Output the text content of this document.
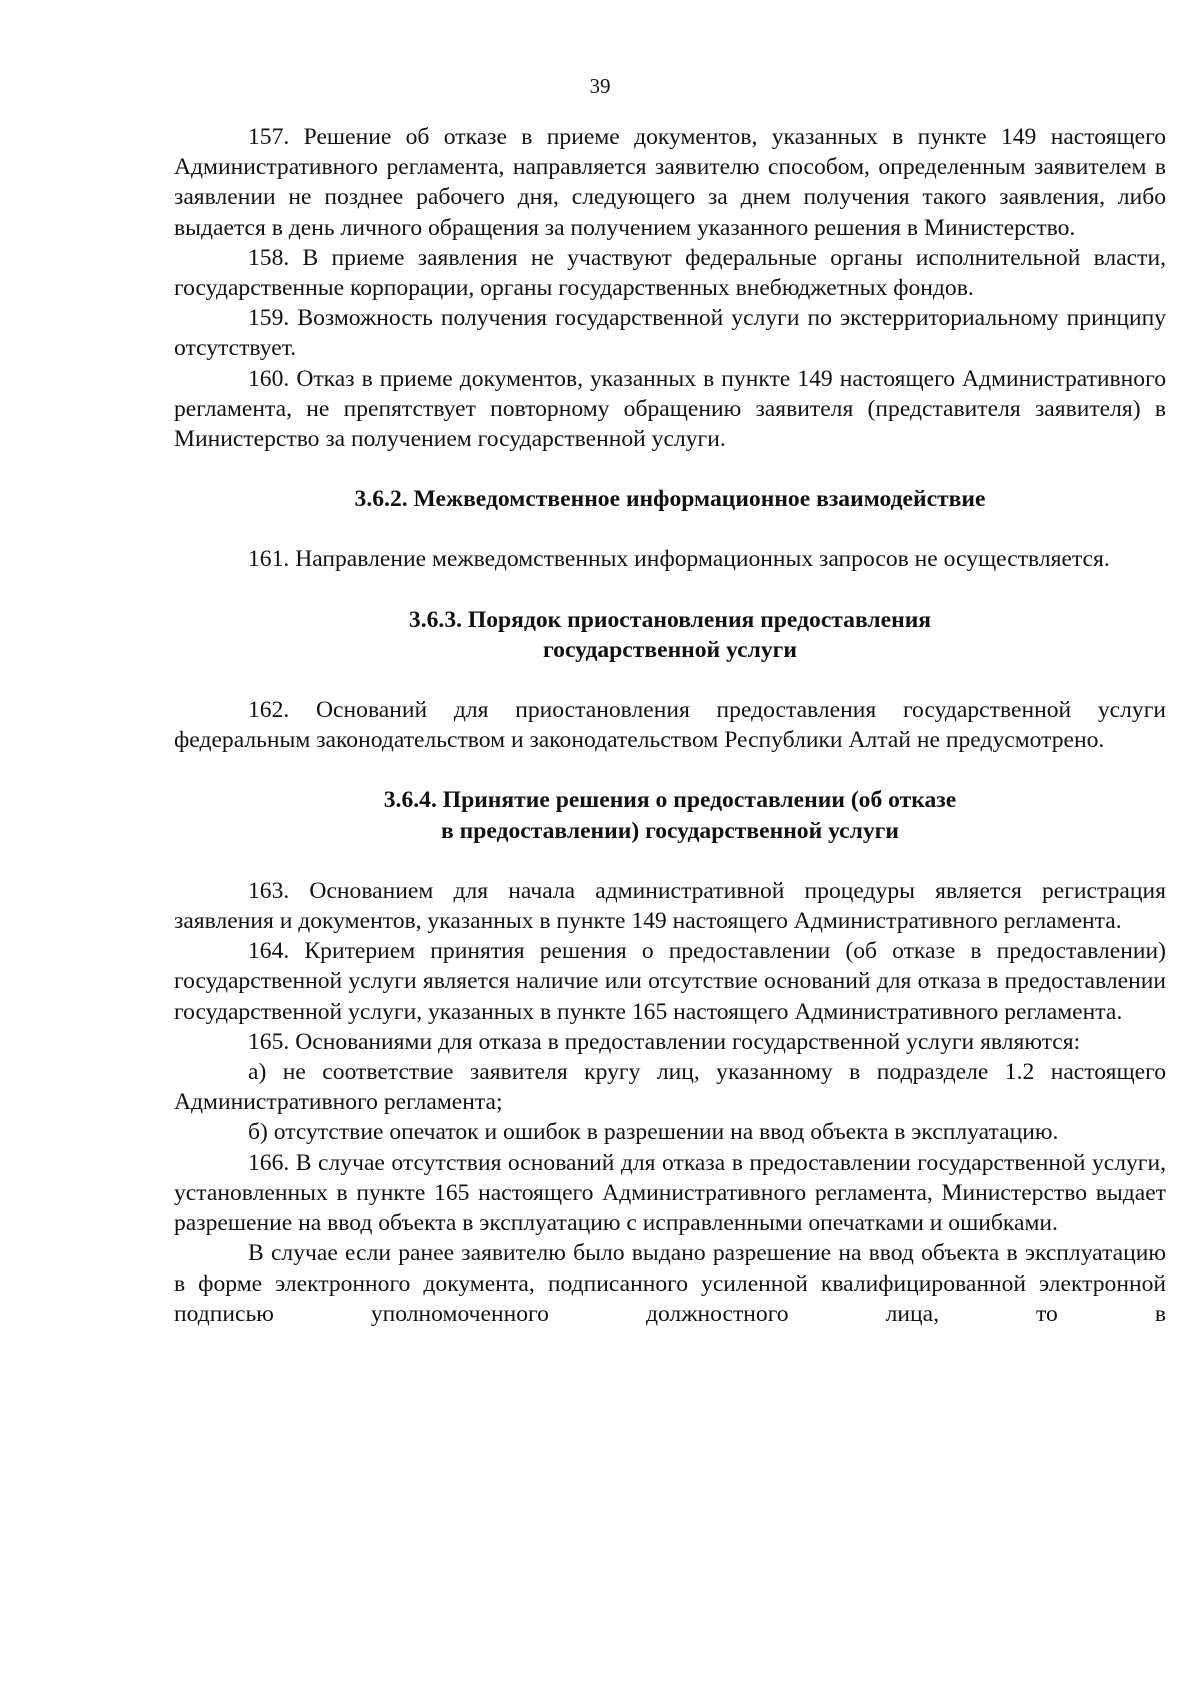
39

157. Решение об отказе в приеме документов, указанных в пункте 149 настоящего Административного регламента, направляется заявителю способом, определенным заявителем в заявлении не позднее рабочего дня, следующего за днем получения такого заявления, либо выдается в день личного обращения за получением указанного решения в Министерство.

158. В приеме заявления не участвуют федеральные органы исполнительной власти, государственные корпорации, органы государственных внебюджетных фондов.

159. Возможность получения государственной услуги по экстерриториальному принципу отсутствует.

160. Отказ в приеме документов, указанных в пункте 149 настоящего Административного регламента, не препятствует повторному обращению заявителя (представителя заявителя) в Министерство за получением государственной услуги.

3.6.2. Межведомственное информационное взаимодействие

161. Направление межведомственных информационных запросов не осуществляется.

3.6.3. Порядок приостановления предоставления
государственной услуги

162. Оснований для приостановления предоставления государственной услуги федеральным законодательством и законодательством Республики Алтай не предусмотрено.

3.6.4. Принятие решения о предоставлении (об отказе
в предоставлении) государственной услуги

163. Основанием для начала административной процедуры является регистрация заявления и документов, указанных в пункте 149 настоящего Административного регламента.

164. Критерием принятия решения о предоставлении (об отказе в предоставлении) государственной услуги является наличие или отсутствие оснований для отказа в предоставлении государственной услуги, указанных в пункте 165 настоящего Административного регламента.

165. Основаниями для отказа в предоставлении государственной услуги являются:

а) не соответствие заявителя кругу лиц, указанному в подразделе 1.2 настоящего Административного регламента;

б) отсутствие опечаток и ошибок в разрешении на ввод объекта в эксплуатацию.

166. В случае отсутствия оснований для отказа в предоставлении государственной услуги, установленных в пункте 165 настоящего Административного регламента, Министерство выдает разрешение на ввод объекта в эксплуатацию с исправленными опечатками и ошибками.

В случае если ранее заявителю было выдано разрешение на ввод объекта в эксплуатацию в форме электронного документа, подписанного усиленной квалифицированной электронной подписью уполномоченного должностного лица, то в
